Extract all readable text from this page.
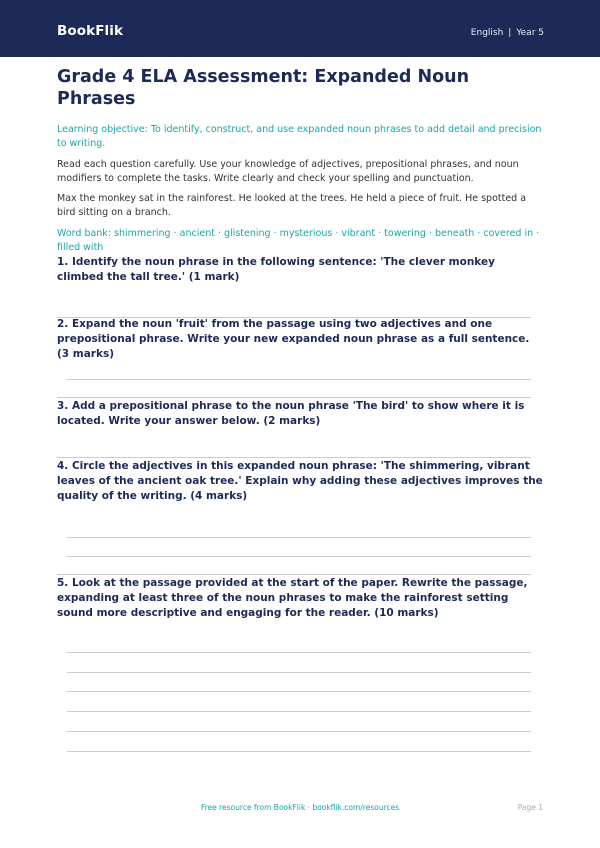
BookFlik	English | Year 5
Grade 4 ELA Assessment: Expanded Noun Phrases
Learning objective: To identify, construct, and use expanded noun phrases to add detail and precision to writing.
Read each question carefully. Use your knowledge of adjectives, prepositional phrases, and noun modifiers to complete the tasks. Write clearly and check your spelling and punctuation.
Max the monkey sat in the rainforest. He looked at the trees. He held a piece of fruit. He spotted a bird sitting on a branch.
Word bank: shimmering · ancient · glistening · mysterious · vibrant · towering · beneath · covered in · filled with
1. Identify the noun phrase in the following sentence: 'The clever monkey climbed the tall tree.' (1 mark)
2. Expand the noun 'fruit' from the passage using two adjectives and one prepositional phrase. Write your new expanded noun phrase as a full sentence. (3 marks)
3. Add a prepositional phrase to the noun phrase 'The bird' to show where it is located. Write your answer below. (2 marks)
4. Circle the adjectives in this expanded noun phrase: 'The shimmering, vibrant leaves of the ancient oak tree.' Explain why adding these adjectives improves the quality of the writing. (4 marks)
5. Look at the passage provided at the start of the paper. Rewrite the passage, expanding at least three of the noun phrases to make the rainforest setting sound more descriptive and engaging for the reader. (10 marks)
Free resource from BookFlik · bookflik.com/resources	Page 1
